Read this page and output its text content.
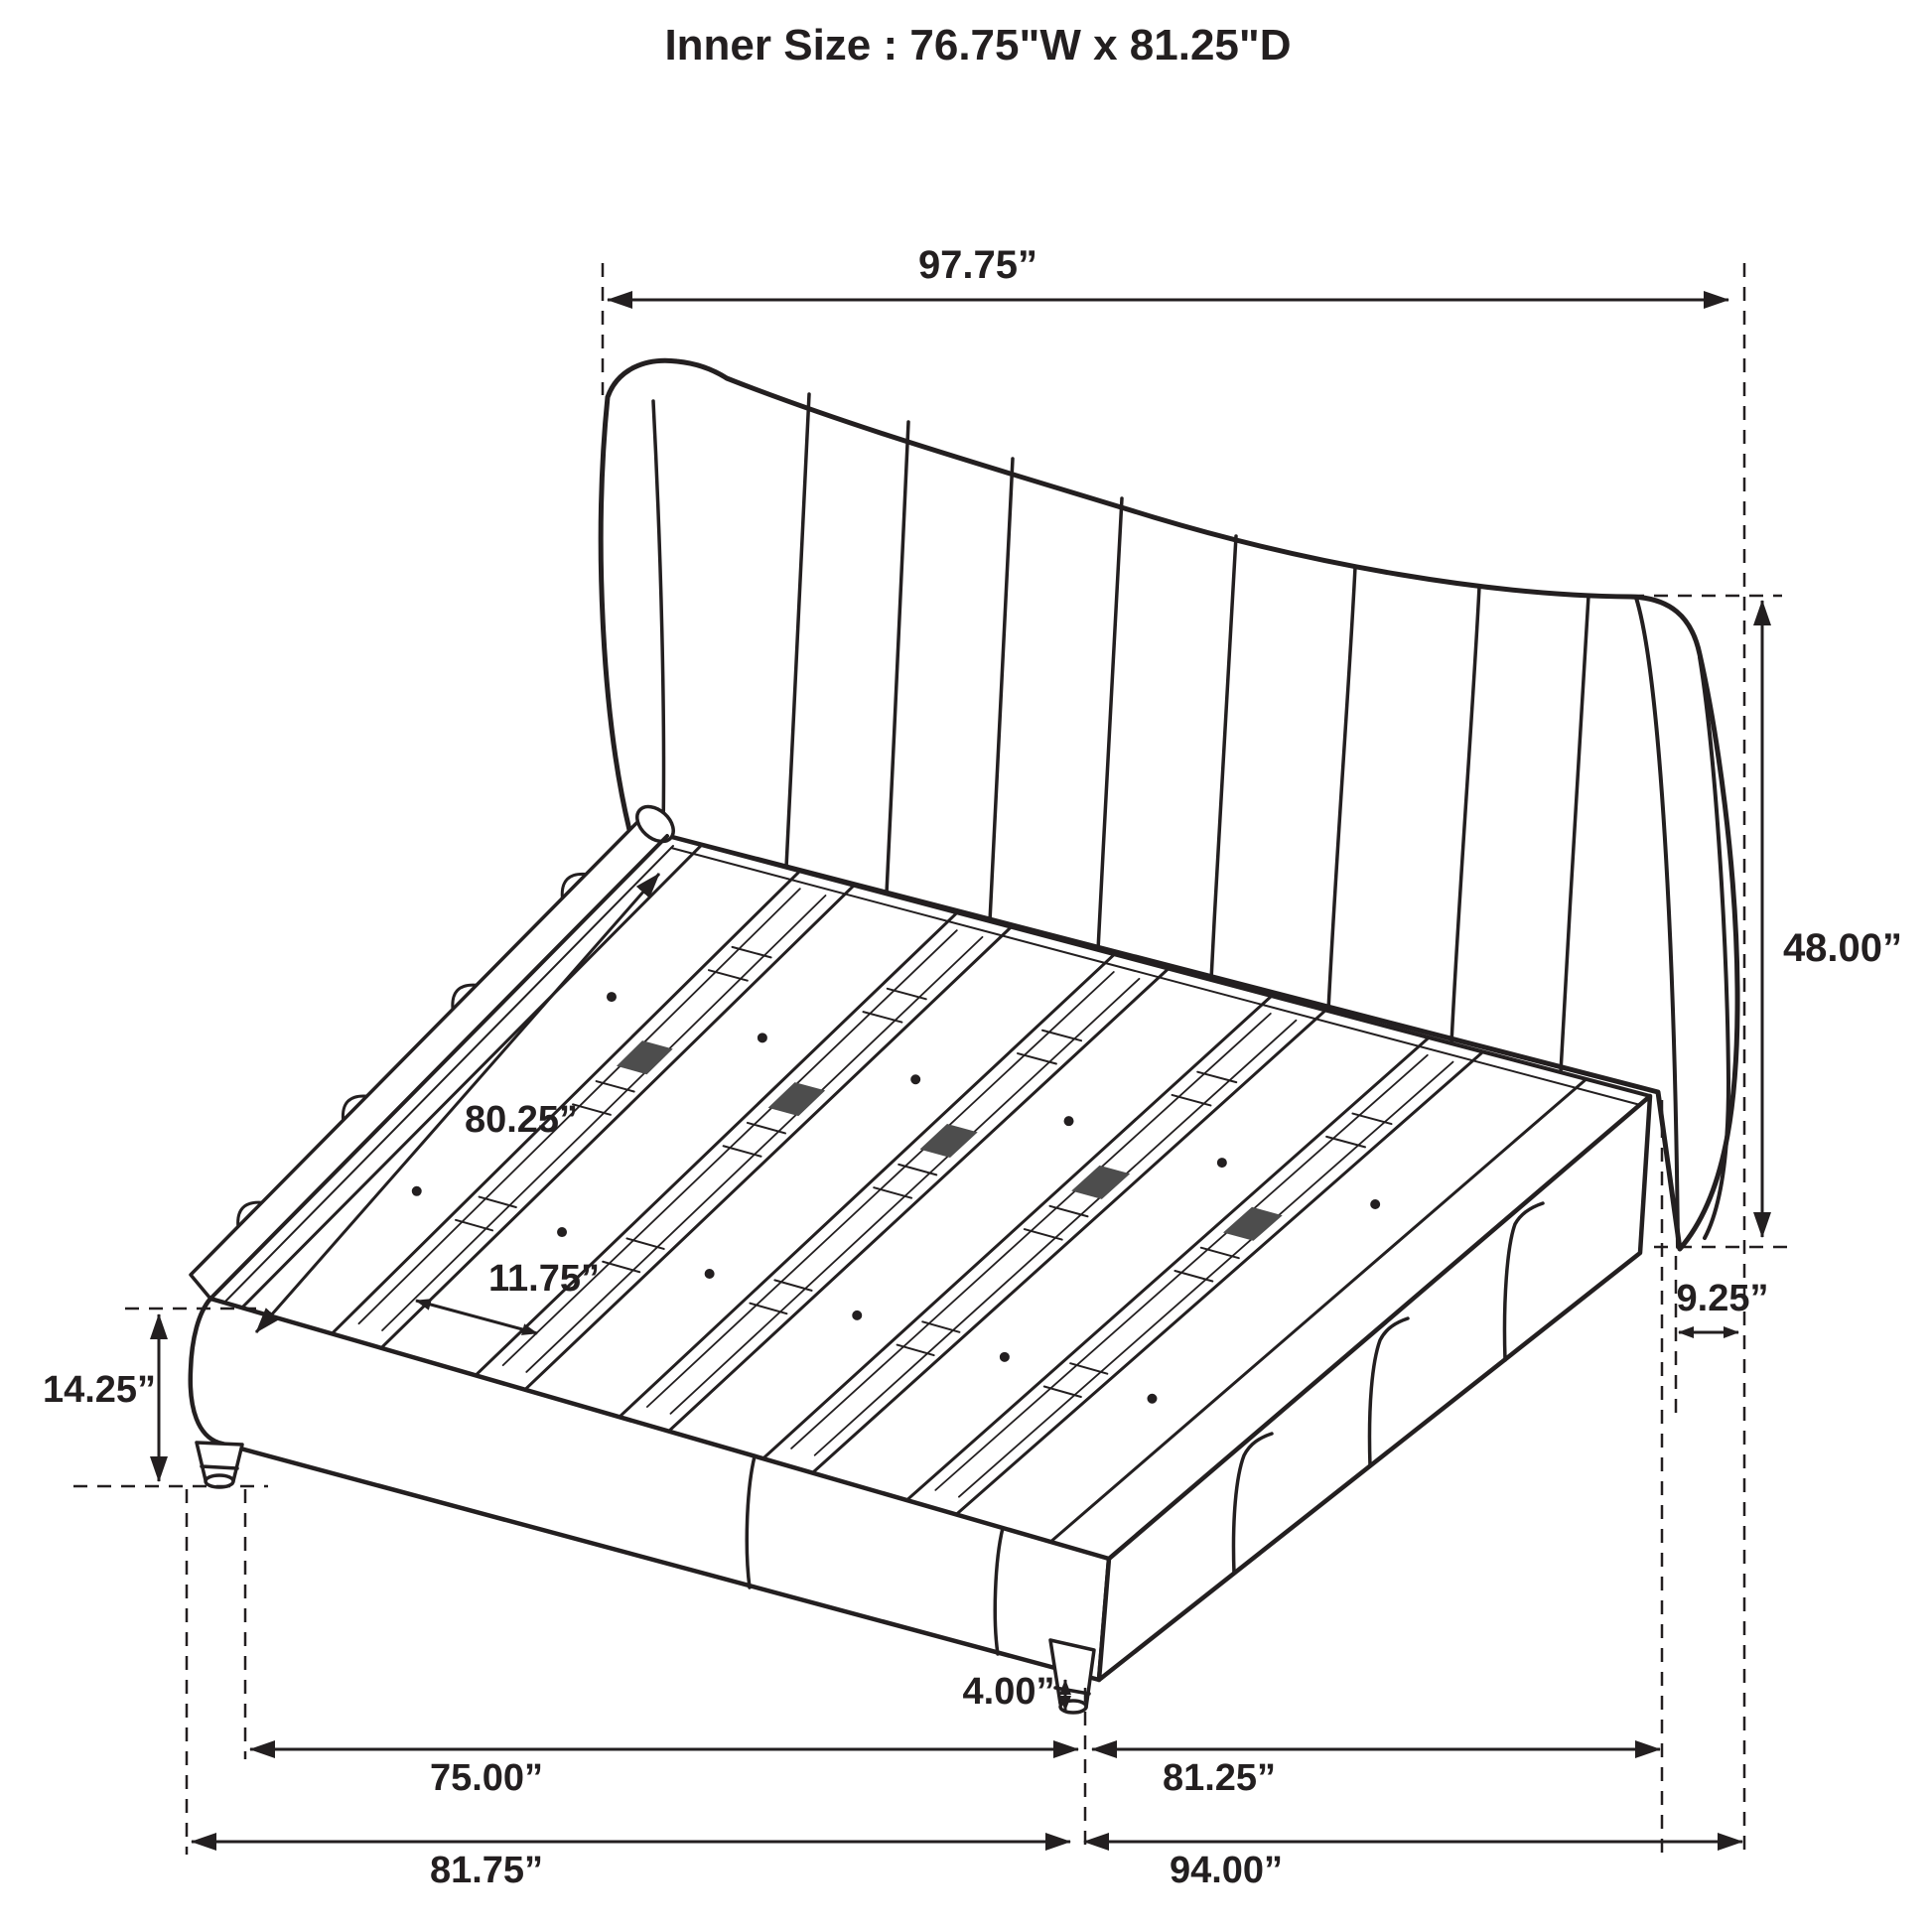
Inner Size : 76.75"W x 81.25"D
97.75”
48.00”
9.25”
80.25”
11.75”
14.25”
4.00”
75.00”	81.25”
81.75”	94.00”
